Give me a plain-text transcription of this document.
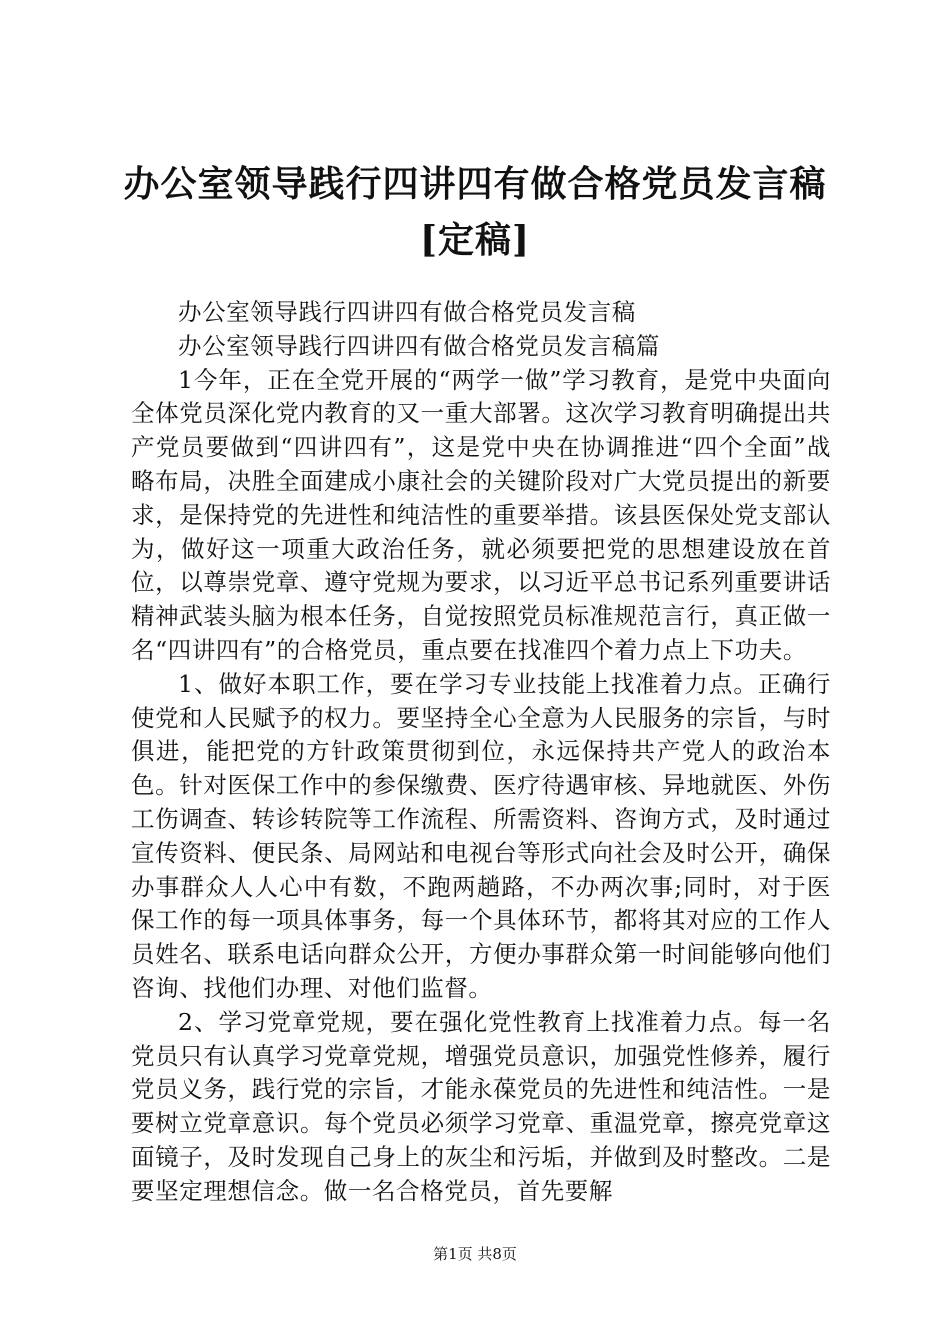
办公室领导践行四讲四有做合格党员发言稿
[定稿]

办公室领导践行四讲四有做合格党员发言稿

办公室领导践行四讲四有做合格党员发言稿篇

1今年，正在全党开展的“两学一做”学习教育，是党中央面向全体党员深化党内教育的又一重大部署。这次学习教育明确提出共产党员要做到“四讲四有”，这是党中央在协调推进“四个全面”战略布局，决胜全面建成小康社会的关键阶段对广大党员提出的新要求，是保持党的先进性和纯洁性的重要举措。该县医保处党支部认为，做好这一项重大政治任务，就必须要把党的思想建设放在首位，以尊崇党章、遵守党规为要求，以习近平总书记系列重要讲话精神武装头脑为根本任务，自觉按照党员标准规范言行，真正做一名“四讲四有”的合格党员，重点要在找准四个着力点上下功夫。

1、做好本职工作，要在学习专业技能上找准着力点。正确行使党和人民赋予的权力。要坚持全心全意为人民服务的宗旨，与时俱进，能把党的方针政策贯彻到位，永远保持共产党人的政治本色。针对医保工作中的参保缴费、医疗待遇审核、异地就医、外伤工伤调查、转诊转院等工作流程、所需资料、咨询方式，及时通过宣传资料、便民条、局网站和电视台等形式向社会及时公开，确保办事群众人人心中有数，不跑两趟路，不办两次事;同时，对于医保工作的每一项具体事务，每一个具体环节，都将其对应的工作人员姓名、联系电话向群众公开，方便办事群众第一时间能够向他们咨询、找他们办理、对他们监督。

2、学习党章党规，要在强化党性教育上找准着力点。每一名党员只有认真学习党章党规，增强党员意识，加强党性修养，履行党员义务，践行党的宗旨，才能永葆党员的先进性和纯洁性。一是要树立党章意识。每个党员必须学习党章、重温党章，擦亮党章这面镜子，及时发现自己身上的灰尘和污垢，并做到及时整改。二是要坚定理想信念。做一名合格党员，首先要解

第1页 共8页
